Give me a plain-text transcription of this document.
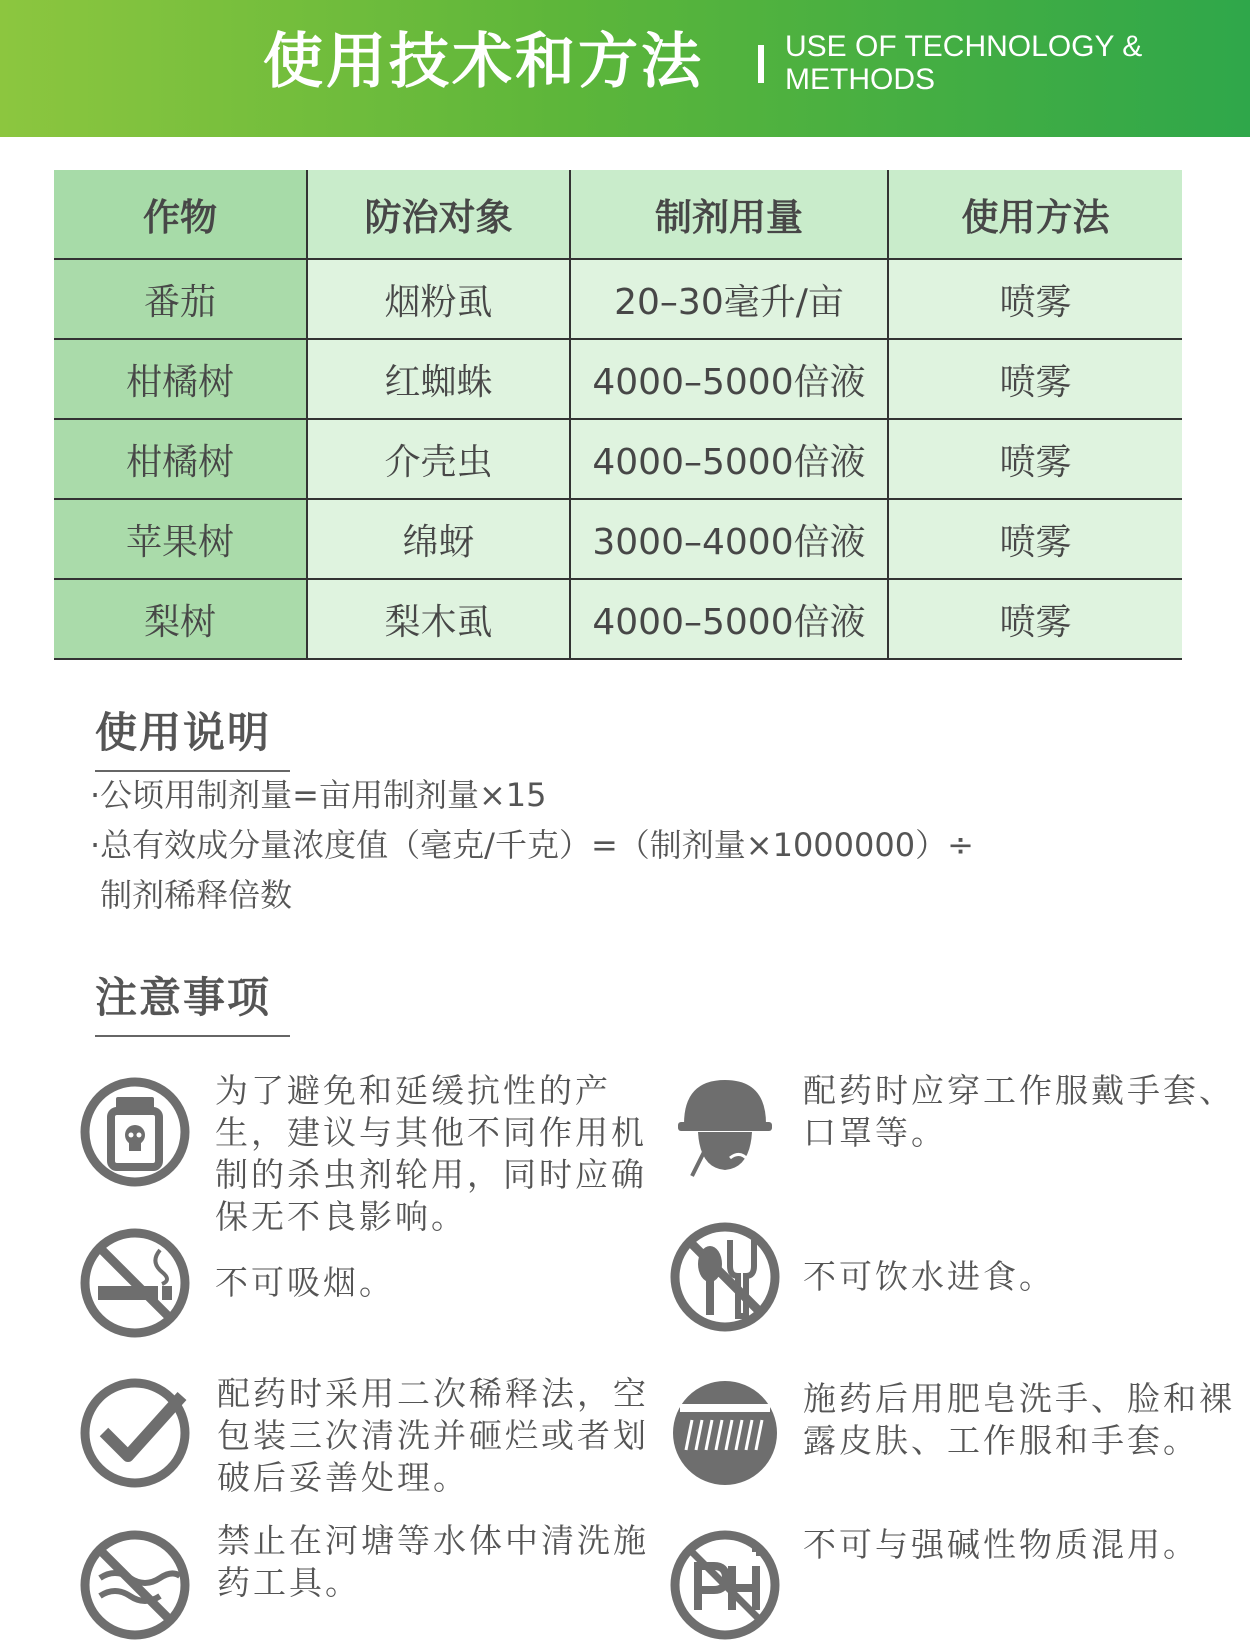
使用技术和方法	USE OF TECHNOLOGY & METHODS
作物	防治对象	制剂用量	使用方法
番茄	烟粉虱	20–30毫升/亩	喷雾
柑橘树	红蜘蛛	4000–5000倍液	喷雾
柑橘树	介壳虫	4000–5000倍液	喷雾
苹果树	绵蚜	3000–4000倍液	喷雾
梨树	梨木虱	4000–5000倍液	喷雾
使用说明
·公顷用制剂量=亩用制剂量×15
·总有效成分量浓度值（毫克/千克）=（制剂量×1000000）÷
制剂稀释倍数
注意事项
为了避免和延缓抗性的产生，建议与其他不同作用机制的杀虫剂轮用，同时应确保无不良影响。
配药时应穿工作服戴手套、口罩等。
不可吸烟。	不可饮水进食。
配药时采用二次稀释法，空包装三次清洗并砸烂或者划破后妥善处理。
施药后用肥皂洗手、脸和裸露皮肤、工作服和手套。
禁止在河塘等水体中清洗施药工具。
不可与强碱性物质混用。
